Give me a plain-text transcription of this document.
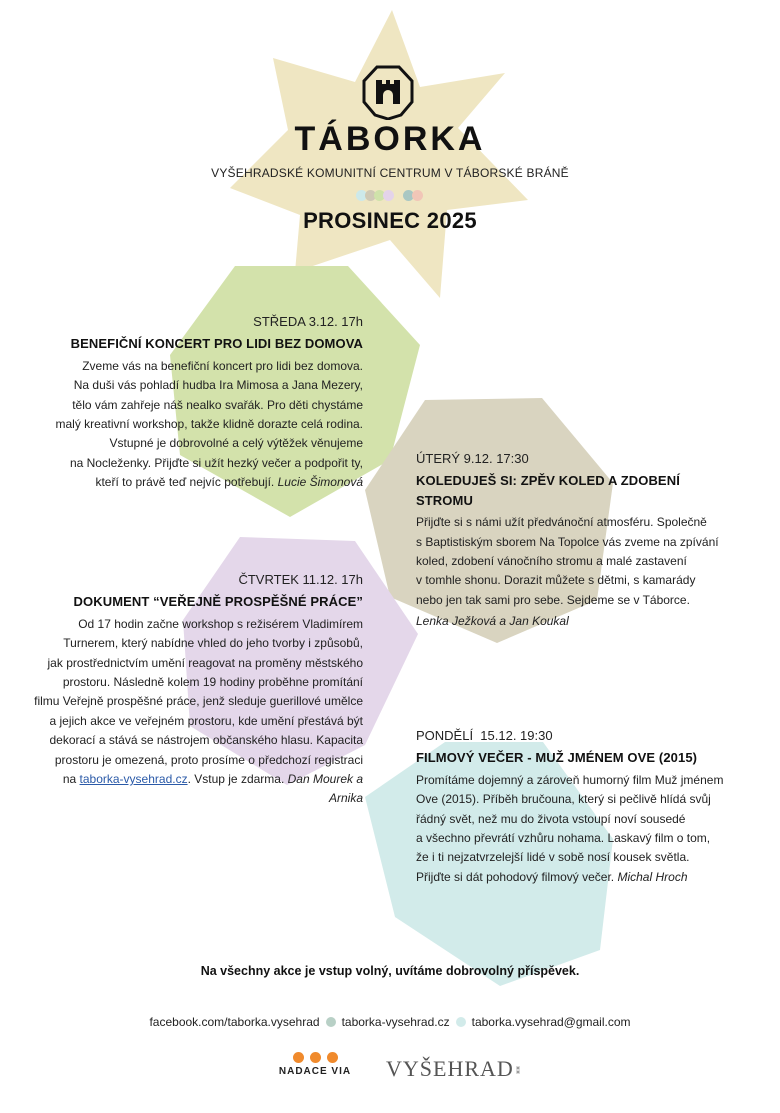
TÁBORKA
VYŠEHRADSKÉ KOMUNITNÍ CENTRUM V TÁBORSKÉ BRÁNĚ
PROSINEC 2025
STŘEDA 3.12. 17h
BENEFIČNÍ KONCERT PRO LIDI BEZ DOMOVA
Zveme vás na benefiční koncert pro lidi bez domova.
Na duši vás pohladí hudba Ira Mimosa a Jana Mezery,
tělo vám zahřeje náš nealko svařák. Pro děti chystáme
malý kreativní workshop, takže klidně dorazte celá rodina.
Vstupné je dobrovolné a celý výtěžek věnujeme
na Noclеženky. Přijďte si užít hezký večer a podpořit ty,
kteří to právě teď nejvíc potřebují. Lucie Šimonová
ÚTERÝ 9.12. 17:30
KOLEDUJEŠ SI: ZPĚV KOLED A ZDOBENÍ STROMU
Přijďte si s námi užít předvánoční atmosféru. Společně
s Baptistiským sborem Na Topolce vás zveme na zpívání
koled, zdobení vánočního stromu a malé zastavení
v tomhle shonu. Dorazit můžete s dětmi, s kamarády
nebo jen tak sami pro sebe. Sejdeme se v Táborce.
Lenka Ježková a Jan Koukal
ČTVRTEK 11.12. 17h
DOKUMENT “VEŘEJNĚ PROSPĚŠNÉ PRÁCE”
Od 17 hodin začne workshop s režisérem Vladimírem
Turnerem, který nabídne vhled do jeho tvorby i způsobů,
jak prostřednictvím umění reagovat na proměny městského
prostoru. Následně kolem 19 hodiny proběhne promítání
filmu Veřejně prospěšné práce, jenž sleduje guerillové umělce
a jejich akce ve veřejném prostoru, kde umění přestává být
dekorací a stává se nástrojem občanského hlasu. Kapacita
prostoru je omezená, proto prosíme o předchozí registraci
na taborka-vysehrad.cz. Vstup je zdarma. Dan Mourek a Arnika
PONDĚLÍ  15.12. 19:30
FILMOVÝ VEČER - MUŽ JMÉNEM OVE (2015)
Promítáme dojemný a zároveň humorný film Muž jménem
Ove (2015). Příběh bručouna, který si pečlivě hlídá svůj
řádný svět, než mu do života vstoupí noví sousedé
a všechno převrátí vzhůru nohama. Laskavý film o tom,
že i ti nejzatvrzelejší lidé v sobě nosí kousek světla.
Přijďte si dát pohodový filmový večer. Michal Hroch
Na všechny akce je vstup volný, uvítáme dobrovolný příspěvek.
facebook.com/taborka.vysehrad taborka-vysehrad.cz taborka.vysehrad@gmail.com
NADACE VIA VYŠEHRAD ⁑
